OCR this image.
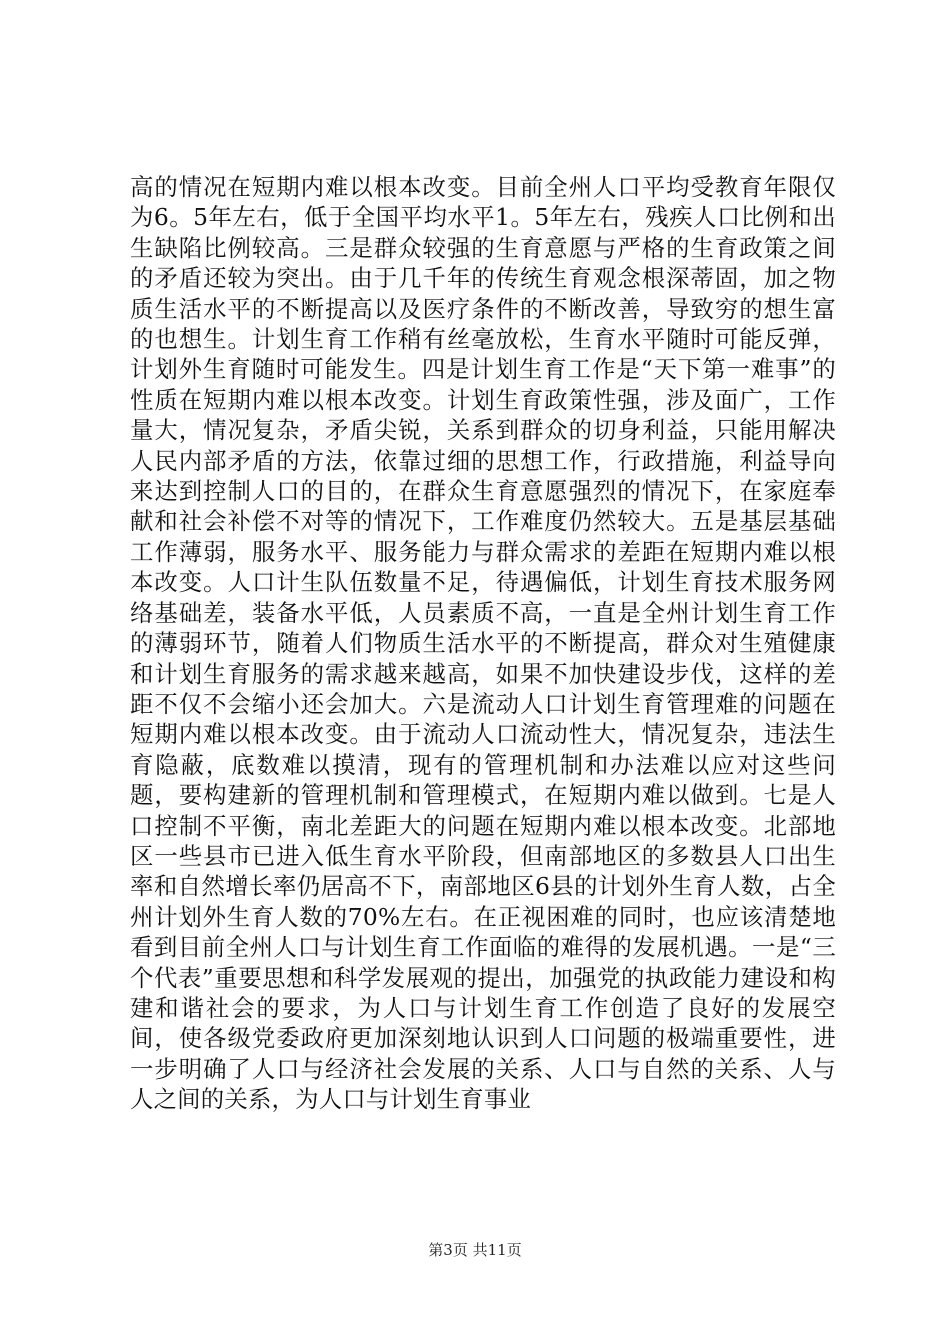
高的情况在短期内难以根本改变。目前全州人口平均受教育年限仅为6。5年左右，低于全国平均水平1。5年左右，残疾人口比例和出生缺陷比例较高。三是群众较强的生育意愿与严格的生育政策之间的矛盾还较为突出。由于几千年的传统生育观念根深蒂固，加之物质生活水平的不断提高以及医疗条件的不断改善，导致穷的想生富的也想生。计划生育工作稍有丝毫放松，生育水平随时可能反弹，计划外生育随时可能发生。四是计划生育工作是“天下第一难事”的性质在短期内难以根本改变。计划生育政策性强，涉及面广，工作量大，情况复杂，矛盾尖锐，关系到群众的切身利益，只能用解决人民内部矛盾的方法，依靠过细的思想工作，行政措施，利益导向来达到控制人口的目的，在群众生育意愿强烈的情况下，在家庭奉献和社会补偿不对等的情况下，工作难度仍然较大。五是基层基础工作薄弱，服务水平、服务能力与群众需求的差距在短期内难以根本改变。人口计生队伍数量不足，待遇偏低，计划生育技术服务网络基础差，装备水平低，人员素质不高，一直是全州计划生育工作的薄弱环节，随着人们物质生活水平的不断提高，群众对生殖健康和计划生育服务的需求越来越高，如果不加快建设步伐，这样的差距不仅不会缩小还会加大。六是流动人口计划生育管理难的问题在短期内难以根本改变。由于流动人口流动性大，情况复杂，违法生育隐蔽，底数难以摸清，现有的管理机制和办法难以应对这些问题，要构建新的管理机制和管理模式，在短期内难以做到。七是人口控制不平衡，南北差距大的问题在短期内难以根本改变。北部地区一些县市已进入低生育水平阶段，但南部地区的多数县人口出生率和自然增长率仍居高不下，南部地区6县的计划外生育人数，占全州计划外生育人数的70%左右。在正视困难的同时，也应该清楚地看到目前全州人口与计划生育工作面临的难得的发展机遇。一是“三个代表”重要思想和科学发展观的提出，加强党的执政能力建设和构建和谐社会的要求，为人口与计划生育工作创造了良好的发展空间，使各级党委政府更加深刻地认识到人口问题的极端重要性，进一步明确了人口与经济社会发展的关系、人口与自然的关系、人与人之间的关系，为人口与计划生育事业

第3页 共11页
